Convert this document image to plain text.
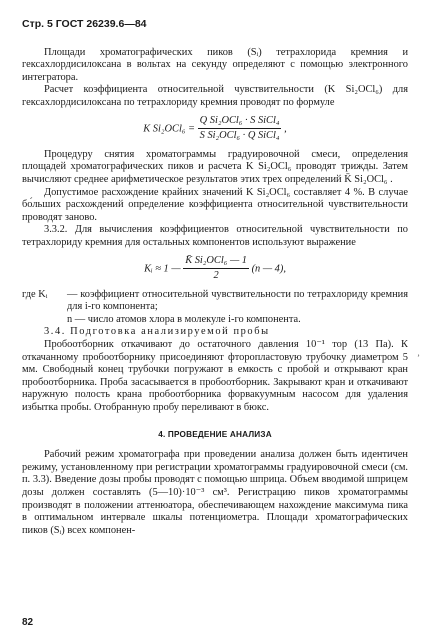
Стр. 5 ГОСТ 26239.6—84

Площади хроматографических пиков (Sᵢ) тетрахлорида кремния и гексахлордисилоксана в вольтах на секунду определяют с помощью электронного интегратора.

Расчет коэффициента относительной чувствительности (K Si₂OCl₆) для гексахлордисилоксана по тетрахлориду кремния проводят по формуле

K $Si_2OCl_6 = \frac{\text{Q Si₂OCl₆ · S SiCl₄}}{\text{S Si₂OCl₆ · Q SiCl₄}}$ ,

Процедуру снятия хроматограммы градуировочной смеси, определения площадей хроматографических пиков и расчета K Si₂OCl₆ проводят трижды. Затем вычисляют среднее арифметическое результатов этих трех определений K̄ Si₂OCl₆ .

Допустимое расхождение крайних значений K Si₂OCl₆ составляет 4 %. В случае бо́льших расхождений определение коэффициента относительной чувствительности проводят заново.

3.3.2. Для вычисления коэффициентов относительной чувствительности по тетрахлориду кремния для остальных компонентов используют выражение

Kᵢ ≈ 1 — $\frac{\text{K̄ Si₂OCl₆ — 1}}{2} (n$ — 4),
где Kᵢ	— коэффициент относительной чувствительности по тетрахлориду кремния для i-го компонента;
n — число атомов хлора в молекуле i-го компонента.

3.4. Подготовка анализируемой пробы

Пробоотборник откачивают до остаточного давления 10⁻¹ тор (13 Па). К откачанному пробоотборнику присоединяют фторопластовую трубочку диаметром 5 мм. Свободный конец трубочки погружают в емкость с пробой и открывают кран пробоотборника. Проба засасывается в пробоотборник. Закрывают кран и откачивают наружную полость крана пробоотборника форвакуумным насосом для удаления избытка пробы. Отобранную пробу переливают в бюкс.

4. ПРОВЕДЕНИЕ АНАЛИЗА

Рабочий режим хроматографа при проведении анализа должен быть идентичен режиму, установленному при регистрации хроматограммы градуировочной смеси (см. п. 3.3). Введение дозы пробы проводят с помощью шприца. Объем вводимой шприцем дозы должен составлять (5—10)·10⁻³ см³. Регистрацию пиков хроматограммы производят в положении аттенюатора, обеспечивающем нахождение максимума пика в оптимальном интервале шкалы потенциометра. Площади хроматографических пиков (Sᵢ) всех компонен-

82
ʼ
